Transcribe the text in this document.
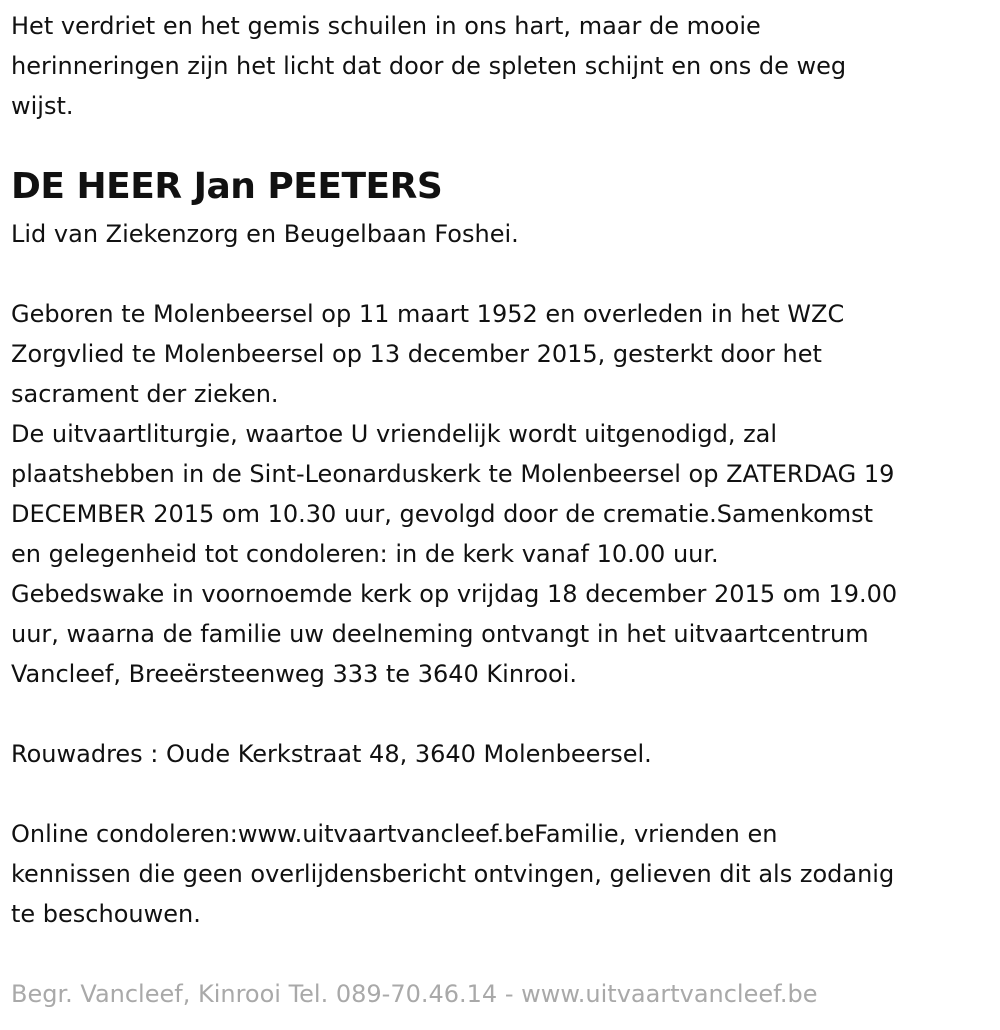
Het verdriet en het gemis schuilen in ons hart, maar de mooie
herinneringen zijn het licht dat door de spleten schijnt en ons de weg
wijst.

DE HEER Jan PEETERS

Lid van Ziekenzorg en Beugelbaan Foshei.

Geboren te Molenbeersel op 11 maart 1952 en overleden in het WZC
Zorgvlied te Molenbeersel op 13 december 2015, gesterkt door het
sacrament der zieken.
De uitvaartliturgie, waartoe U vriendelijk wordt uitgenodigd, zal
plaatshebben in de Sint-Leonarduskerk te Molenbeersel op ZATERDAG 19
DECEMBER 2015 om 10.30 uur, gevolgd door de crematie.Samenkomst
en gelegenheid tot condoleren: in de kerk vanaf 10.00 uur.
Gebedswake in voornoemde kerk op vrijdag 18 december 2015 om 19.00
uur, waarna de familie uw deelneming ontvangt in het uitvaartcentrum
Vancleef, Breeërsteenweg 333 te 3640 Kinrooi.

Rouwadres : Oude Kerkstraat 48, 3640 Molenbeersel.

Online condoleren:www.uitvaartvancleef.beFamilie, vrienden en
kennissen die geen overlijdensbericht ontvingen, gelieven dit als zodanig
te beschouwen.

Begr. Vancleef, Kinrooi Tel. 089-70.46.14 - www.uitvaartvancleef.be
